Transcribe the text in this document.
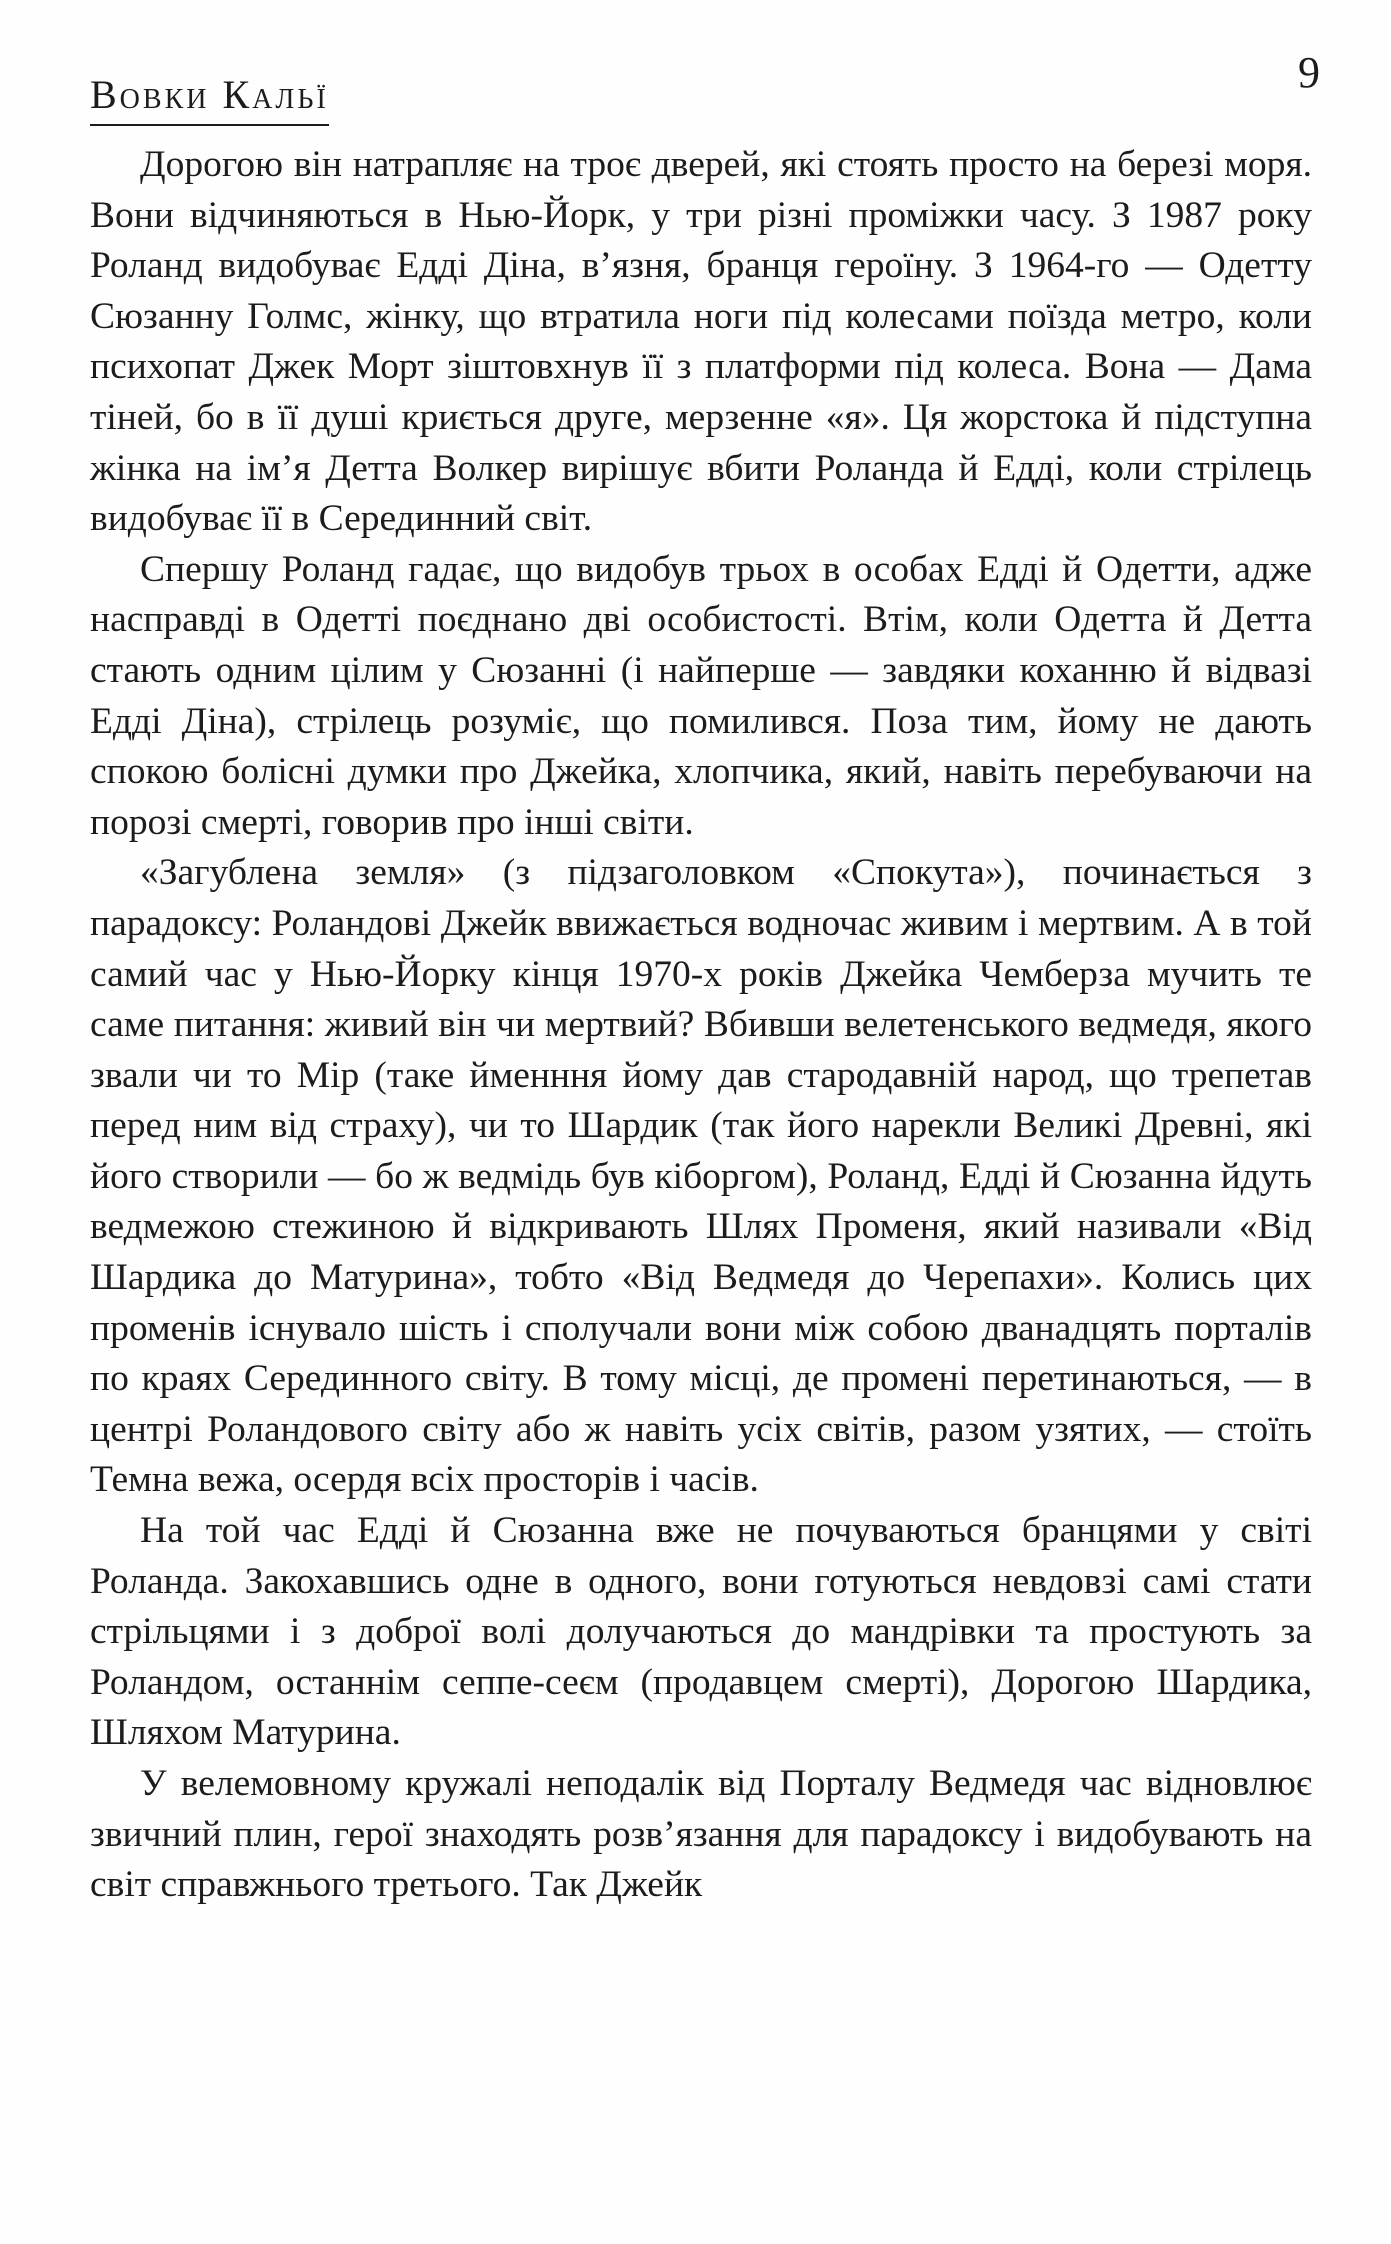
Вовки Кальї	9

Дорогою він натрапляє на троє дверей, які стоять просто на березі моря. Вони відчиняються в Нью-Йорк, у три різні проміжки часу. З 1987 року Роланд видобуває Едді Діна, в’язня, бранця героїну. З 1964-го — Одетту Сюзанну Голмс, жінку, що втратила ноги під колесами поїзда метро, коли психопат Джек Морт зіштовхнув її з платформи під колеса. Вона — Дама тіней, бо в її душі криється друге, мерзенне «я». Ця жорстока й підступна жінка на ім’я Детта Волкер вирішує вбити Роланда й Едді, коли стрілець видобуває її в Серединний світ.

Спершу Роланд гадає, що видобув трьох в особах Едді й Одетти, адже насправді в Одетті поєднано дві особистості. Втім, коли Одетта й Детта стають одним цілим у Сюзанні (і найперше — завдяки коханню й відвазі Едді Діна), стрілець розуміє, що помилився. Поза тим, йому не дають спокою болісні думки про Джейка, хлопчика, який, навіть перебуваючи на порозі смерті, говорив про інші світи.

«Загублена земля» (з підзаголовком «Спокута»), починається з парадоксу: Роландові Джейк ввижається водночас живим і мертвим. А в той самий час у Нью-Йорку кінця 1970-х років Джейка Чемберза мучить те саме питання: живий він чи мертвий? Вбивши велетенського ведмедя, якого звали чи то Мір (таке йменння йому дав стародавній народ, що трепетав перед ним від страху), чи то Шардик (так його нарекли Великі Древні, які його створили — бо ж ведмідь був кіборгом), Роланд, Едді й Сюзанна йдуть ведмежою стежиною й відкривають Шлях Променя, який називали «Від Шардика до Матурина», тобто «Від Ведмедя до Черепахи». Колись цих променів існувало шість і сполучали вони між собою дванадцять порталів по краях Серединного світу. В тому місці, де промені перетинаються, — в центрі Роландового світу або ж навіть усіх світів, разом узятих, — стоїть Темна вежа, осердя всіх просторів і часів.

На той час Едді й Сюзанна вже не почуваються бранцями у світі Роланда. Закохавшись одне в одного, вони готуються невдовзі самі стати стрільцями і з доброї волі долучаються до мандрівки та простують за Роландом, останнім сеппе-сеєм (продавцем смерті), Дорогою Шардика, Шляхом Матурина.

У велемовному кружалі неподалік від Порталу Ведмедя час відновлює звичний плин, герої знаходять розв’язання для парадоксу і видобувають на світ справжнього третього. Так Джейк
